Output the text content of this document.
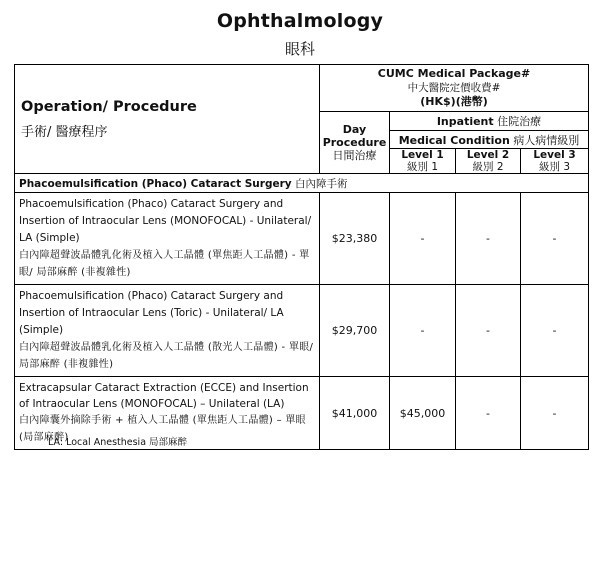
Ophthalmology
眼科
Operation/ Procedure
手術/ 醫療程序	CUMC Medical Package#
中大醫院定價收費#
(HK$)(港幣)			

	Day
Procedure
日間治療	Inpatient 住院治療		
		Medical Condition 病人病情級別		
		Level 1
級別 1	Level 2
級別 2	Level 3
級別 3
Phacoemulsification (Phaco) Cataract Surgery 白內障手術				
Phacoemulsification (Phaco) Cataract Surgery and Insertion of Intraocular Lens (MONOFOCAL) - Unilateral/ LA (Simple)
白內障超聲波晶體乳化術及植入人工晶體 (單焦距人工晶體) - 單眼/ 局部麻醉 (非複雜性)	$23,380	-	-	-
Phacoemulsification (Phaco) Cataract Surgery and Insertion of Intraocular Lens (Toric) - Unilateral/ LA (Simple)
白內障超聲波晶體乳化術及植入人工晶體 (散光人工晶體) - 單眼/ 局部麻醉 (非複雜性)	$29,700	-	-	-
Extracapsular Cataract Extraction (ECCE) and Insertion of Intraocular Lens (MONOFOCAL) – Unilateral (LA)
白內障囊外摘除手術 + 植入人工晶體 (單焦距人工晶體) – 單眼 (局部麻醉)	$41,000	$45,000	-	-
LA: Local Anesthesia 局部麻醉
